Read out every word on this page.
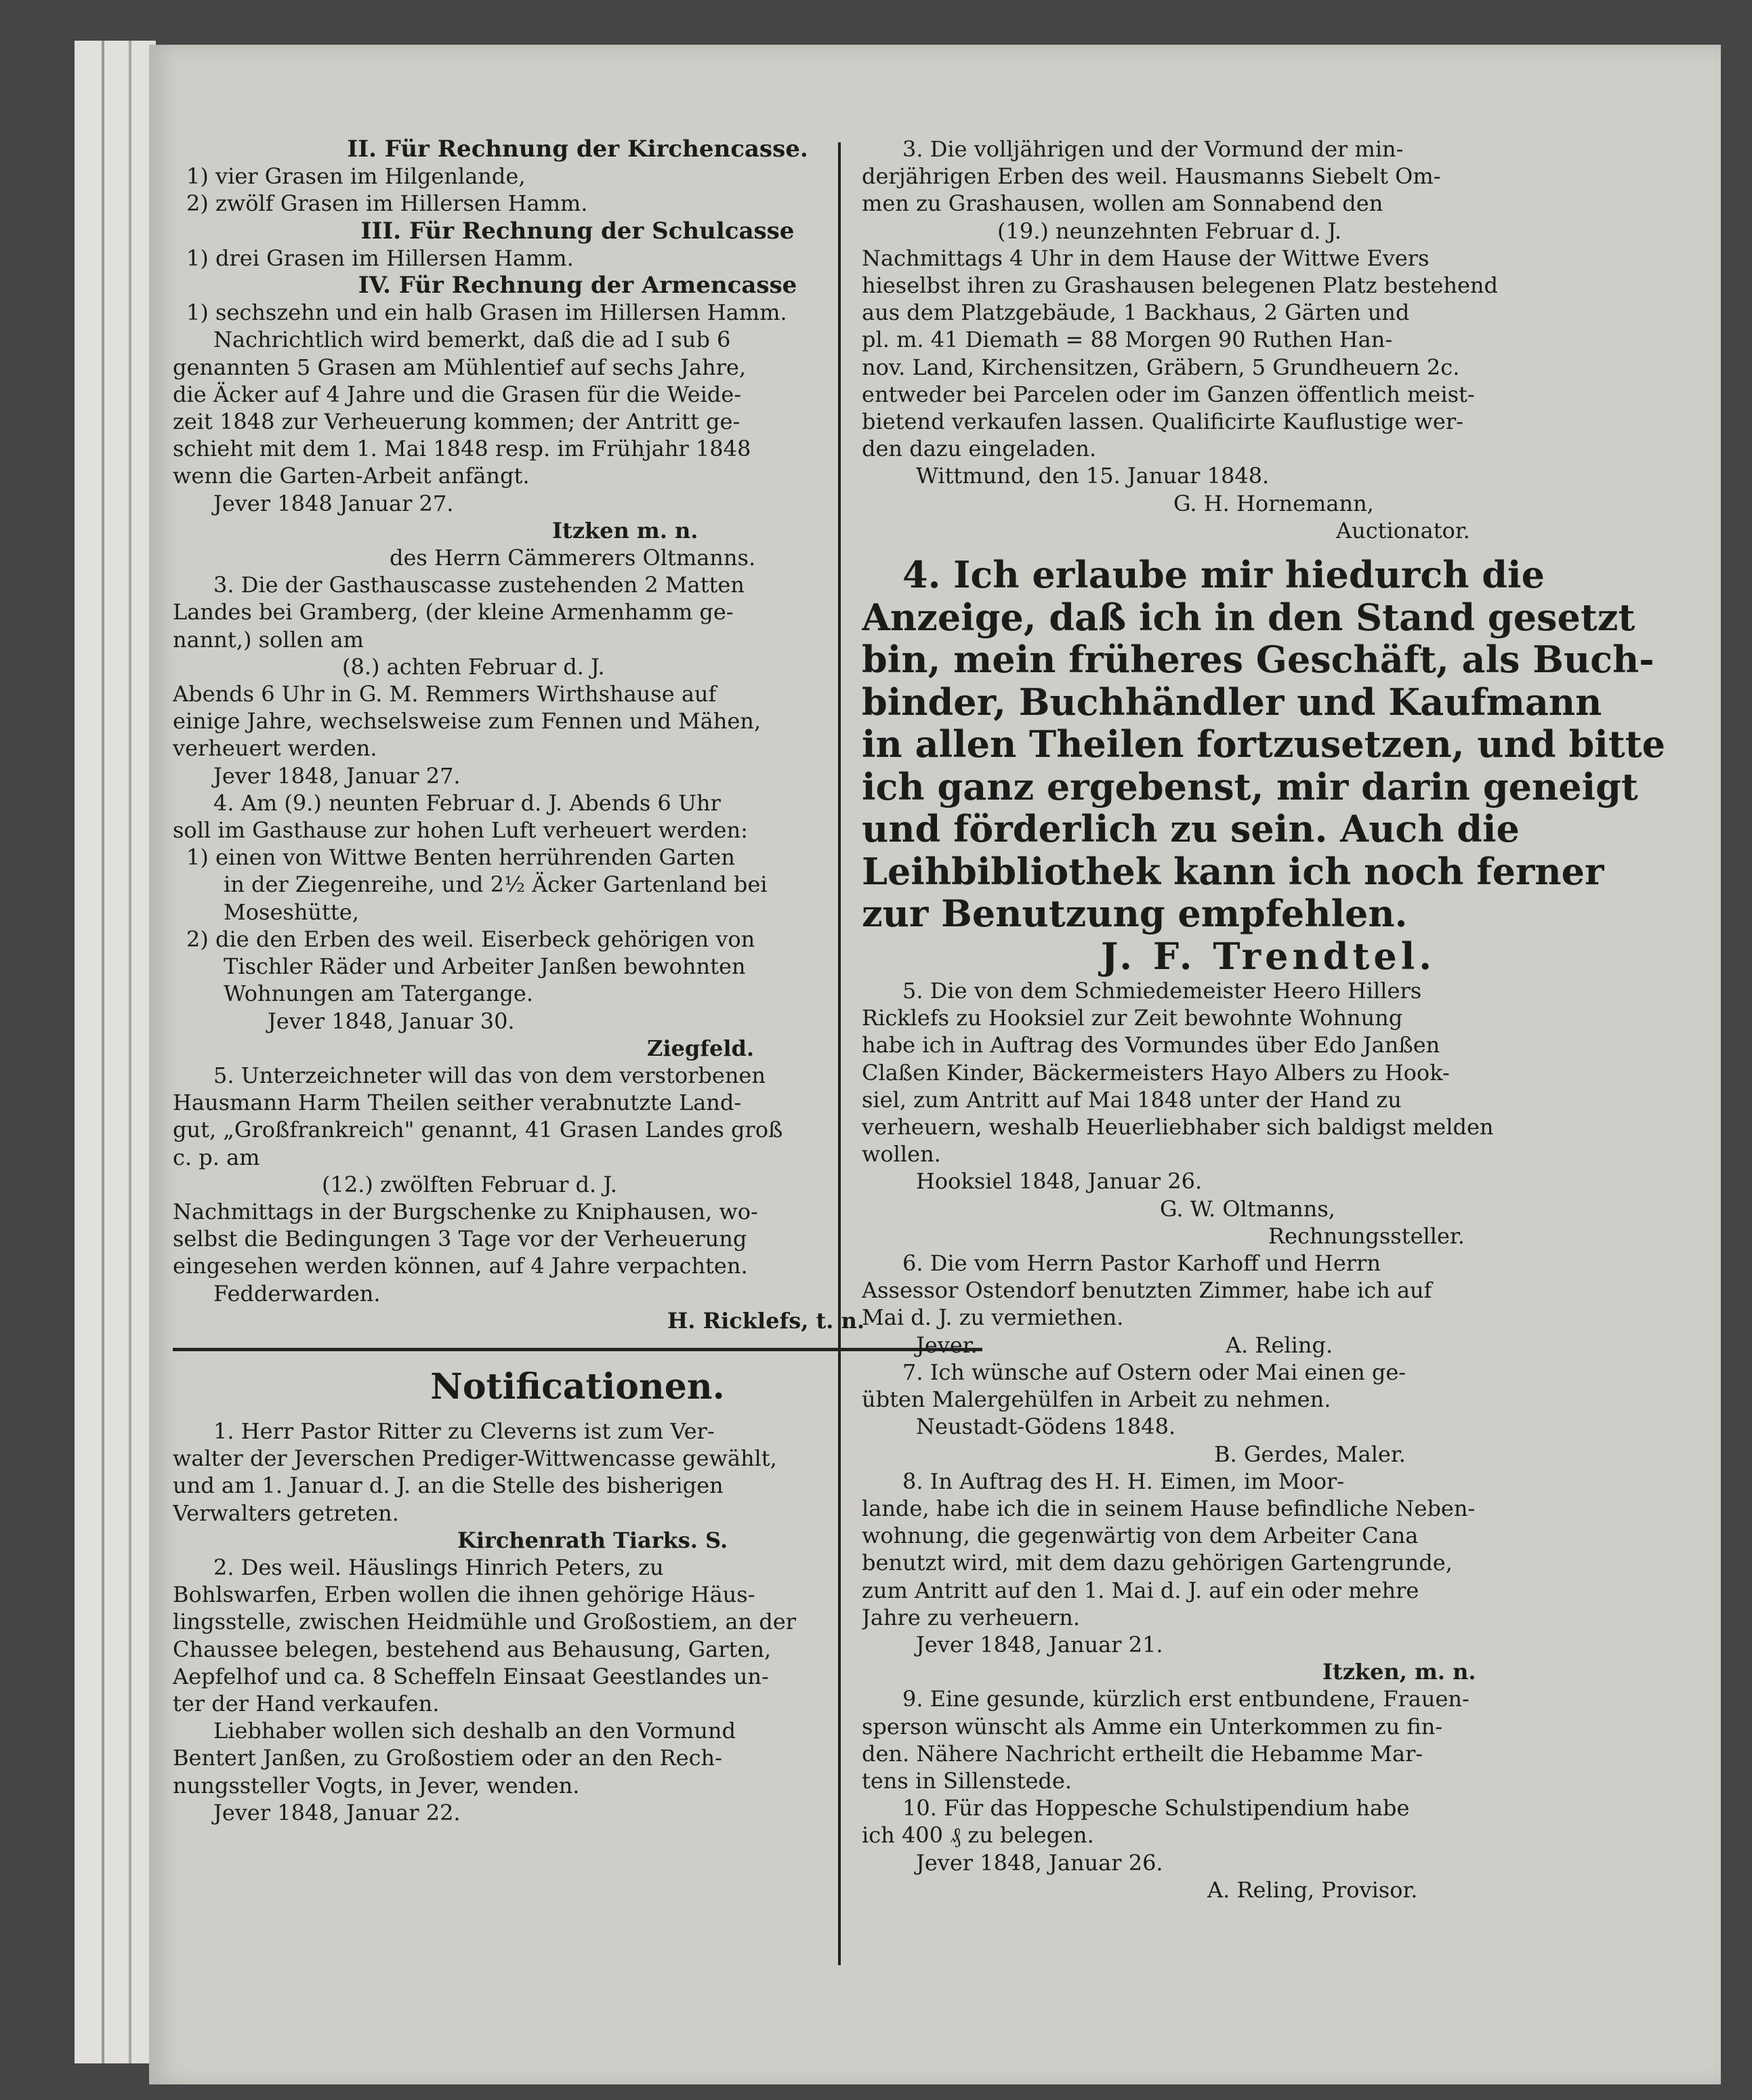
II. Für Rechnung der Kirchencasse.
1) vier Grasen im Hilgenlande,
2) zwölf Grasen im Hillersen Hamm.
III. Für Rechnung der Schulcasse
1) drei Grasen im Hillersen Hamm.
IV. Für Rechnung der Armencasse
1) sechszehn und ein halb Grasen im Hillersen Hamm.
Nachrichtlich wird bemerkt, daß die ad I sub 6
genannten 5 Grasen am Mühlentief auf sechs Jahre,
die Äcker auf 4 Jahre und die Grasen für die Weide-
zeit 1848 zur Verheuerung kommen; der Antritt ge-
schieht mit dem 1. Mai 1848 resp. im Frühjahr 1848
wenn die Garten-Arbeit anfängt.
Jever 1848 Januar 27.
Itzken m. n.
des Herrn Cämmerers Oltmanns.
3. Die der Gasthauscasse zustehenden 2 Matten
Landes bei Gramberg, (der kleine Armenhamm ge-
nannt,) sollen am
(8.) achten Februar d. J.
Abends 6 Uhr in G. M. Remmers Wirthshause auf
einige Jahre, wechselsweise zum Fennen und Mähen,
verheuert werden.
Jever 1848, Januar 27.
4. Am (9.) neunten Februar d. J. Abends 6 Uhr
soll im Gasthause zur hohen Luft verheuert werden:
1) einen von Wittwe Benten herrührenden Garten
in der Ziegenreihe, und 2½ Äcker Gartenland bei
Moseshütte,
2) die den Erben des weil. Eiserbeck gehörigen von
Tischler Räder und Arbeiter Janßen bewohnten
Wohnungen am Tatergange.
Jever 1848, Januar 30.
Ziegfeld.
5. Unterzeichneter will das von dem verstorbenen
Hausmann Harm Theilen seither verabnutzte Land-
gut, „Großfrankreich" genannt, 41 Grasen Landes groß
c. p. am
(12.) zwölften Februar d. J.
Nachmittags in der Burgschenke zu Kniphausen, wo-
selbst die Bedingungen 3 Tage vor der Verheuerung
eingesehen werden können, auf 4 Jahre verpachten.
Fedderwarden.
H. Ricklefs, t. n.
Notificationen.
1. Herr Pastor Ritter zu Cleverns ist zum Ver-
walter der Jeverschen Prediger-Wittwencasse gewählt,
und am 1. Januar d. J. an die Stelle des bisherigen
Verwalters getreten.
Kirchenrath Tiarks. S.
2. Des weil. Häuslings Hinrich Peters, zu
Bohlswarfen, Erben wollen die ihnen gehörige Häus-
lingsstelle, zwischen Heidmühle und Großostiem, an der
Chaussee belegen, bestehend aus Behausung, Garten,
Aepfelhof und ca. 8 Scheffeln Einsaat Geestlandes un-
ter der Hand verkaufen.
Liebhaber wollen sich deshalb an den Vormund
Bentert Janßen, zu Großostiem oder an den Rech-
nungssteller Vogts, in Jever, wenden.
Jever 1848, Januar 22.
3. Die volljährigen und der Vormund der min-
derjährigen Erben des weil. Hausmanns Siebelt Om-
men zu Grashausen, wollen am Sonnabend den
(19.) neunzehnten Februar d. J.
Nachmittags 4 Uhr in dem Hause der Wittwe Evers
hieselbst ihren zu Grashausen belegenen Platz bestehend
aus dem Platzgebäude, 1 Backhaus, 2 Gärten und
pl. m. 41 Diemath = 88 Morgen 90 Ruthen Han-
nov. Land, Kirchensitzen, Gräbern, 5 Grundheuern 2c.
entweder bei Parcelen oder im Ganzen öffentlich meist-
bietend verkaufen lassen. Qualificirte Kauflustige wer-
den dazu eingeladen.
Wittmund, den 15. Januar 1848.
G. H. Hornemann,
Auctionator.
4. Ich erlaube mir hiedurch die
Anzeige, daß ich in den Stand gesetzt
bin, mein früheres Geschäft, als Buch-
binder, Buchhändler und Kaufmann
in allen Theilen fortzusetzen, und bitte
ich ganz ergebenst, mir darin geneigt
und förderlich zu sein. Auch die
Leihbibliothek kann ich noch ferner
zur Benutzung empfehlen.
J. F. Trendtel.
5. Die von dem Schmiedemeister Heero Hillers
Ricklefs zu Hooksiel zur Zeit bewohnte Wohnung
habe ich in Auftrag des Vormundes über Edo Janßen
Claßen Kinder, Bäckermeisters Hayo Albers zu Hook-
siel, zum Antritt auf Mai 1848 unter der Hand zu
verheuern, weshalb Heuerliebhaber sich baldigst melden
wollen.
Hooksiel 1848, Januar 26.
G. W. Oltmanns,
Rechnungssteller.
6. Die vom Herrn Pastor Karhoff und Herrn
Assessor Ostendorf benutzten Zimmer, habe ich auf
Mai d. J. zu vermiethen.
Jever.                                    A. Reling.
7. Ich wünsche auf Ostern oder Mai einen ge-
übten Malergehülfen in Arbeit zu nehmen.
Neustadt-Gödens 1848.
B. Gerdes, Maler.
8. In Auftrag des H. H. Eimen, im Moor-
lande, habe ich die in seinem Hause befindliche Neben-
wohnung, die gegenwärtig von dem Arbeiter Cana
benutzt wird, mit dem dazu gehörigen Gartengrunde,
zum Antritt auf den 1. Mai d. J. auf ein oder mehre
Jahre zu verheuern.
Jever 1848, Januar 21.
Itzken, m. n.
9. Eine gesunde, kürzlich erst entbundene, Frauen-
sperson wünscht als Amme ein Unterkommen zu fin-
den. Nähere Nachricht ertheilt die Hebamme Mar-
tens in Sillenstede.
10. Für das Hoppesche Schulstipendium habe
ich 400 ₰ zu belegen.
Jever 1848, Januar 26.
A. Reling, Provisor.
